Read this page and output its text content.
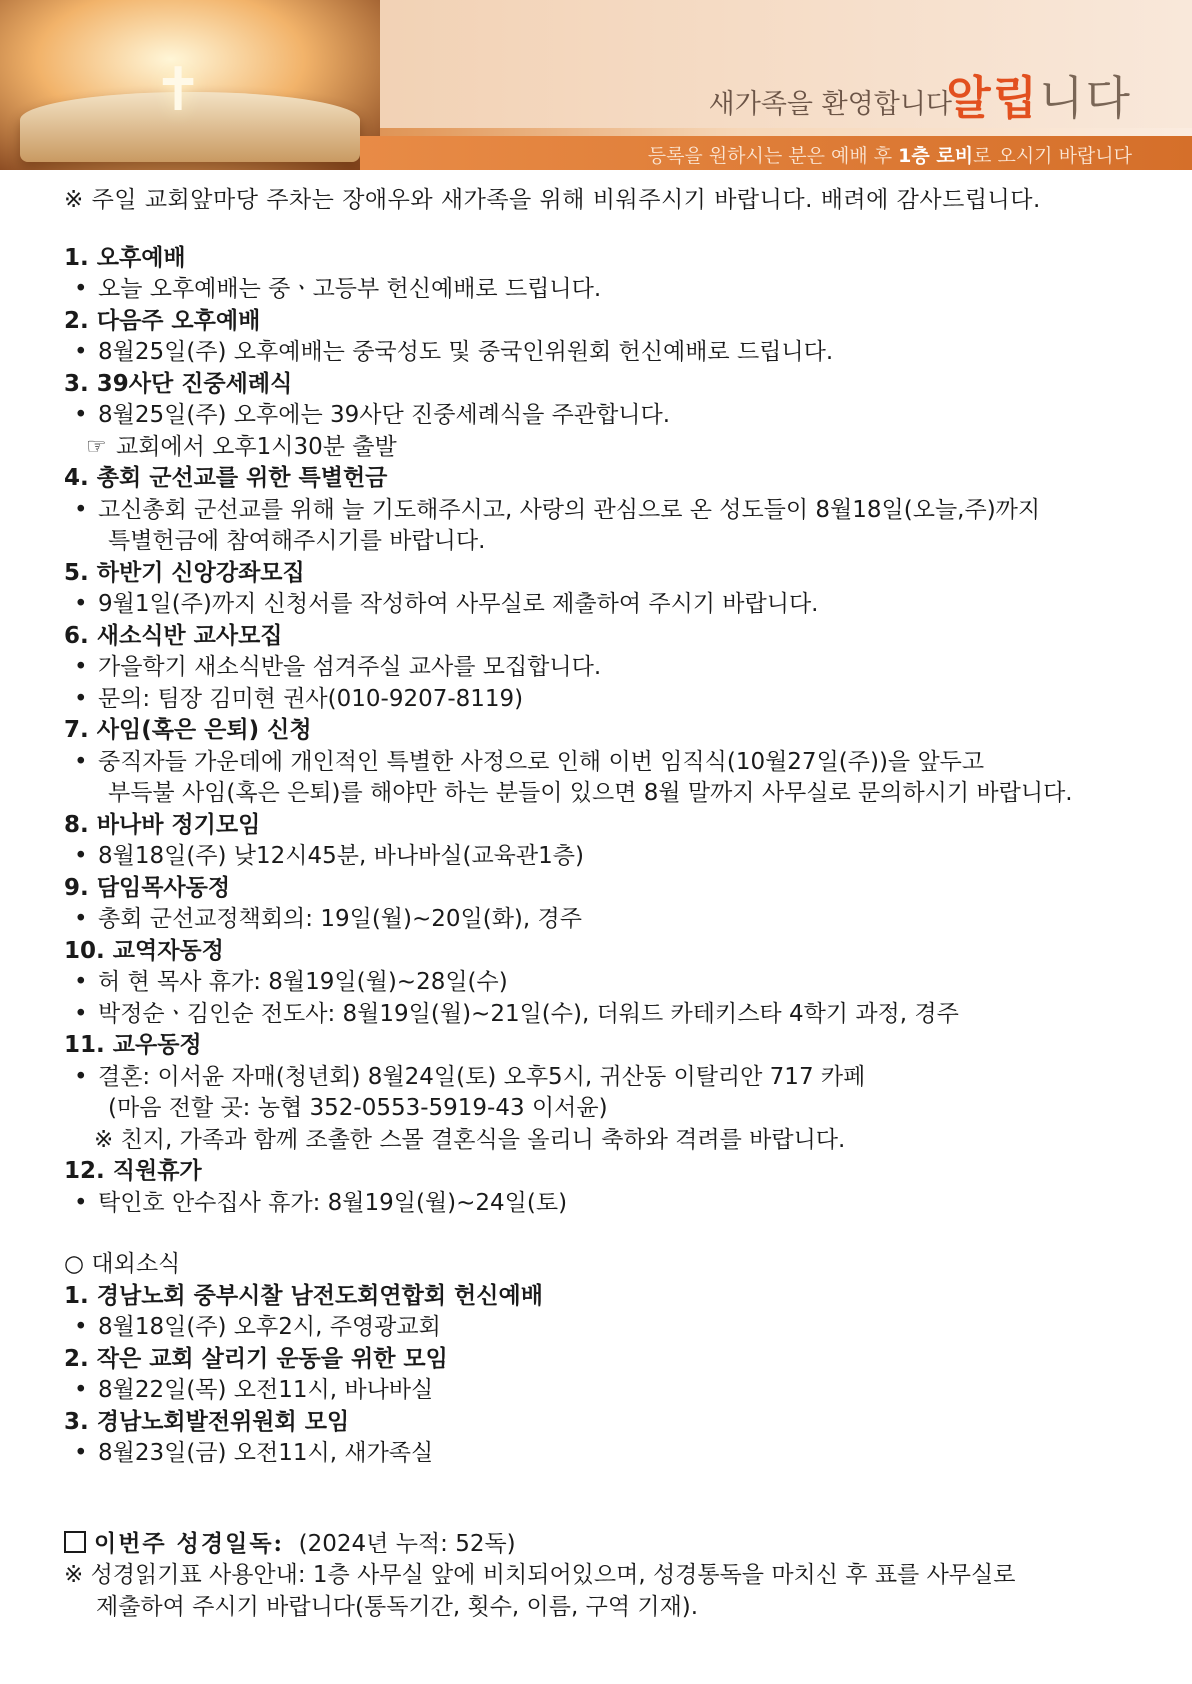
✝	새가족을 환영합니다
알립니다
등록을 원하시는 분은 예배 후 1층 로비로 오시기 바랍니다
※ 주일 교회앞마당 주차는 장애우와 새가족을 위해 비워주시기 바랍니다. 배려에 감사드립니다.
1. 오후예배
• 오늘 오후예배는 중ㆍ고등부 헌신예배로 드립니다.
2. 다음주 오후예배
• 8월25일(주) 오후예배는 중국성도 및 중국인위원회 헌신예배로 드립니다.
3. 39사단 진중세례식
• 8월25일(주) 오후에는 39사단 진중세례식을 주관합니다.
☞ 교회에서 오후1시30분 출발
4. 총회 군선교를 위한 특별헌금
• 고신총회 군선교를 위해 늘 기도해주시고, 사랑의 관심으로 온 성도들이 8월18일(오늘,주)까지
특별헌금에 참여해주시기를 바랍니다.
5. 하반기 신앙강좌모집
• 9월1일(주)까지 신청서를 작성하여 사무실로 제출하여 주시기 바랍니다.
6. 새소식반 교사모집
• 가을학기 새소식반을 섬겨주실 교사를 모집합니다.
• 문의: 팀장 김미현 권사(010-9207-8119)
7. 사임(혹은 은퇴) 신청
• 중직자들 가운데에 개인적인 특별한 사정으로 인해 이번 임직식(10월27일(주))을 앞두고
부득불 사임(혹은 은퇴)를 해야만 하는 분들이 있으면 8월 말까지 사무실로 문의하시기 바랍니다.
8. 바나바 정기모임
• 8월18일(주) 낮12시45분, 바나바실(교육관1층)
9. 담임목사동정
• 총회 군선교정책회의: 19일(월)~20일(화), 경주
10. 교역자동정
• 허 현 목사 휴가: 8월19일(월)~28일(수)
• 박정순ㆍ김인순 전도사: 8월19일(월)~21일(수), 더워드 카테키스타 4학기 과정, 경주
11. 교우동정
• 결혼: 이서윤 자매(청년회) 8월24일(토) 오후5시, 귀산동 이탈리안 717 카페
(마음 전할 곳: 농협 352-0553-5919-43 이서윤)
※ 친지, 가족과 함께 조촐한 스몰 결혼식을 올리니 축하와 격려를 바랍니다.
12. 직원휴가
• 탁인호 안수집사 휴가: 8월19일(월)~24일(토)
○ 대외소식
1. 경남노회 중부시찰 남전도회연합회 헌신예배
• 8월18일(주) 오후2시, 주영광교회
2. 작은 교회 살리기 운동을 위한 모임
• 8월22일(목) 오전11시, 바나바실
3. 경남노회발전위원회 모임
• 8월23일(금) 오전11시, 새가족실
이번주 성경일독: (2024년 누적: 52독)
※ 성경읽기표 사용안내: 1층 사무실 앞에 비치되어있으며, 성경통독을 마치신 후 표를 사무실로
제출하여 주시기 바랍니다(통독기간, 횟수, 이름, 구역 기재).
